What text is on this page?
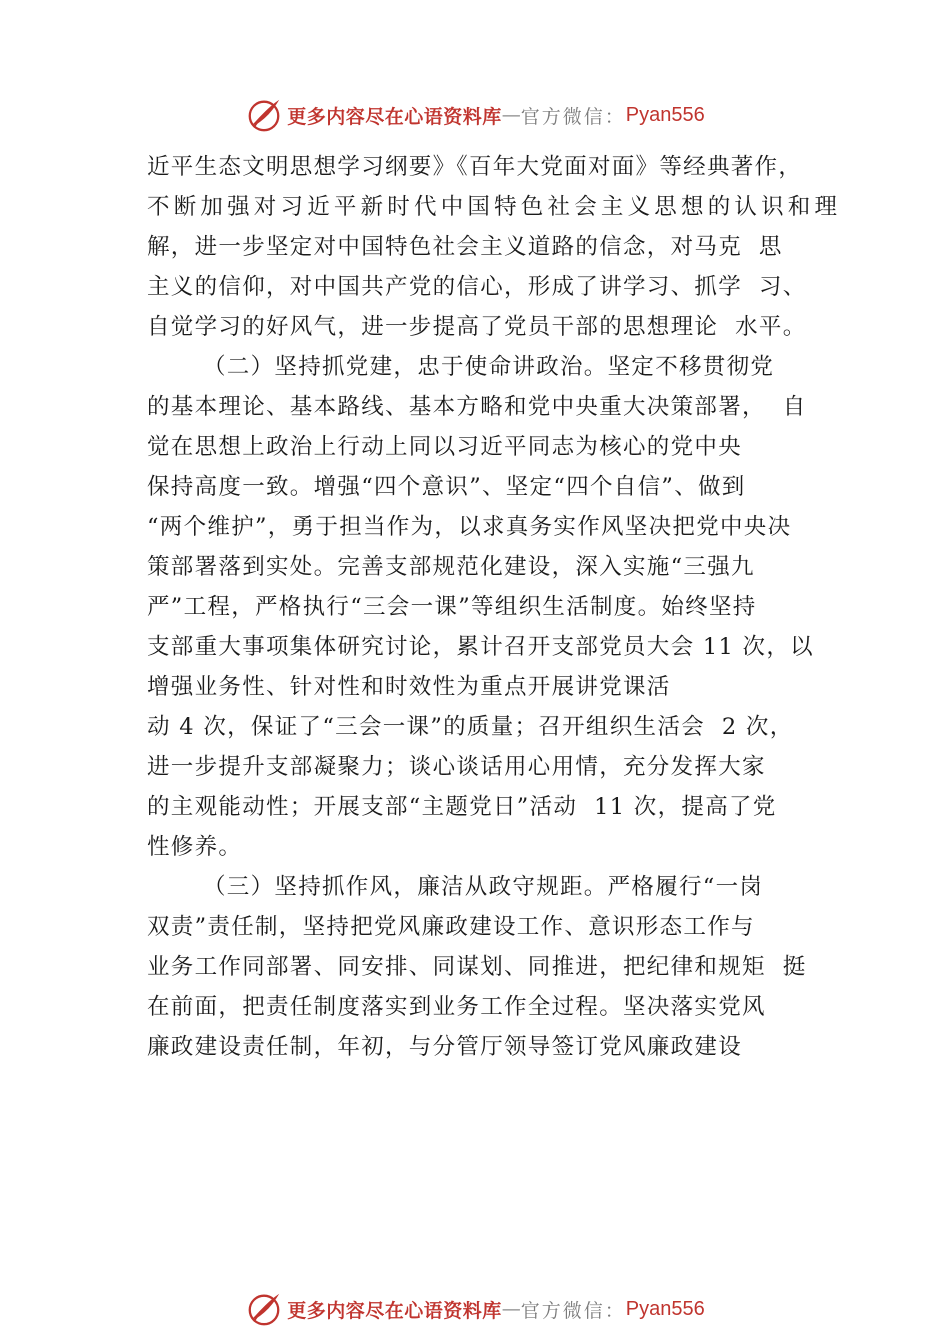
更多内容尽在心语资料库 — 官方微信： Pyan556
近平生态文明思想学习纲要》《百年大党面对面》等经典著作，
不断加强对习近平新时代中国特色社会主义思想的认识和理
解，进一步坚定对中国特色社会主义道路的信念，对马克  思
主义的信仰，对中国共产党的信心，形成了讲学习、抓学  习、
自觉学习的好风气，进一步提高了党员干部的思想理论  水平。
（二）坚持抓党建，忠于使命讲政治。坚定不移贯彻党
的基本理论、基本路线、基本方略和党中央重大决策部署，  自
觉在思想上政治上行动上同以习近平同志为核心的党中央
保持高度一致。增强“四个意识”、坚定“四个自信”、做到
“两个维护”，勇于担当作为，以求真务实作风坚决把党中央决
策部署落到实处。完善支部规范化建设，深入实施“三强九
严”工程，严格执行“三会一课”等组织生活制度。始终坚持
支部重大事项集体研究讨论，累计召开支部党员大会 11 次，以
增强业务性、针对性和时效性为重点开展讲党课活
动 4 次，保证了“三会一课”的质量；召开组织生活会  2 次，
进一步提升支部凝聚力；谈心谈话用心用情，充分发挥大家
的主观能动性；开展支部“主题党日”活动  11 次，提高了党
性修养。
（三）坚持抓作风，廉洁从政守规距。严格履行“一岗
双责”责任制，坚持把党风廉政建设工作、意识形态工作与
业务工作同部署、同安排、同谋划、同推进，把纪律和规矩  挺
在前面，把责任制度落实到业务工作全过程。坚决落实党风
廉政建设责任制，年初，与分管厅领导签订党风廉政建设
更多内容尽在心语资料库 — 官方微信： Pyan556
